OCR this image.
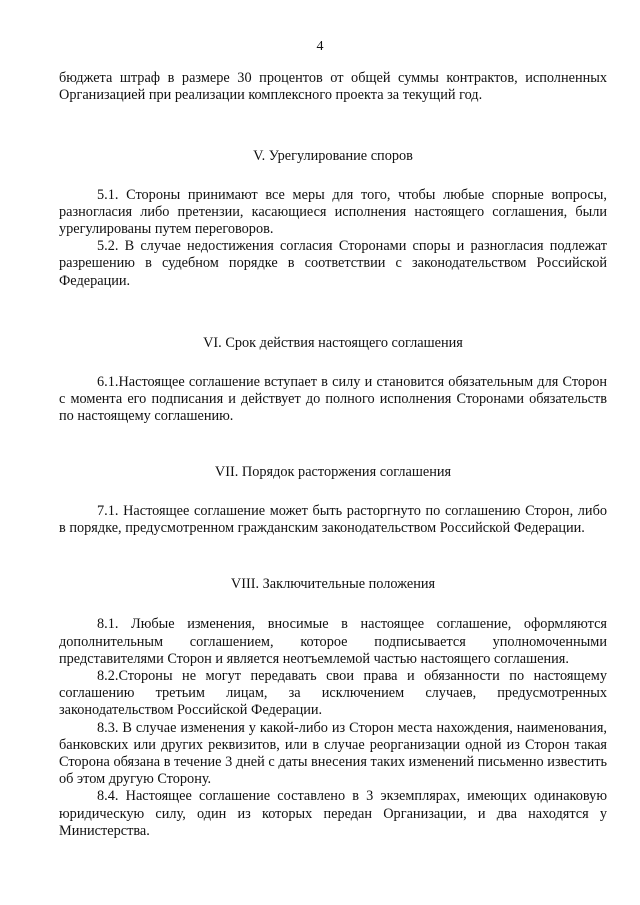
4

бюджета штраф в размере 30 процентов от общей суммы контрактов, исполненных Организацией при реализации комплексного проекта за текущий год.

V. Урегулирование споров

5.1. Стороны принимают все меры для того, чтобы любые спорные вопросы, разногласия либо претензии, касающиеся исполнения настоящего соглашения, были урегулированы путем переговоров.

5.2. В случае недостижения согласия Сторонами споры и разногласия подлежат разрешению в судебном порядке в соответствии с законодательством Российской Федерации.

VI. Срок действия настоящего соглашения

6.1.Настоящее соглашение вступает в силу и становится обязательным для Сторон с момента его подписания и действует до полного исполнения Сторонами обязательств по настоящему соглашению.

VII. Порядок расторжения соглашения

7.1. Настоящее соглашение может быть расторгнуто по соглашению Сторон, либо в порядке, предусмотренном гражданским законодательством Российской Федерации.

VIII. Заключительные положения

8.1. Любые изменения, вносимые в настоящее соглашение, оформляются дополнительным соглашением, которое подписывается уполномоченными представителями Сторон и является неотъемлемой частью настоящего соглашения.

8.2.Стороны не могут передавать свои права и обязанности по настоящему соглашению третьим лицам, за исключением случаев, предусмотренных законодательством Российской Федерации.

8.3. В случае изменения у какой-либо из Сторон места нахождения, наименования, банковских или других реквизитов, или в случае реорганизации одной из Сторон такая Сторона обязана в течение 3 дней с даты внесения таких изменений письменно известить об этом другую Сторону.

8.4. Настоящее соглашение составлено в 3 экземплярах, имеющих одинаковую юридическую силу, один из которых передан Организации, и два находятся у Министерства.
